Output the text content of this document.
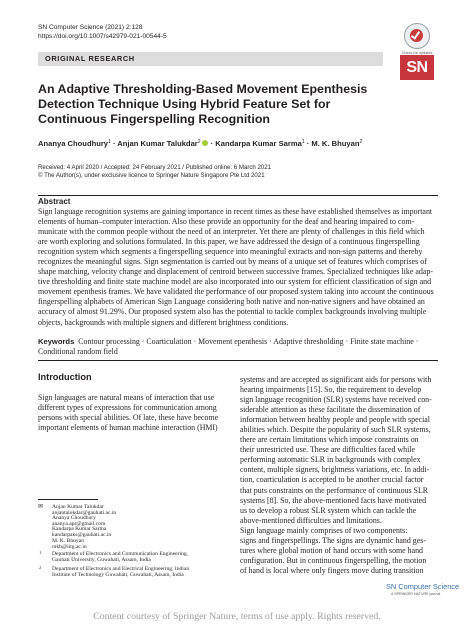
SN Computer Science (2021) 2:128
https://doi.org/10.1007/s42979-021-00544-5
Check for updates
ORIGINAL RESEARCH
SN
An Adaptive Thresholding-Based Movement Epenthesis Detection Technique Using Hybrid Feature Set for Continuous Fingerspelling Recognition
Ananya Choudhury$^1$ · Anjan Kumar Talukdar$^2$ · Kandarpa Kumar Sarma$^1$ · M. K. Bhuyan$^2$
Received: 4 April 2020 / Accepted: 24 February 2021 / Published online: 6 March 2021
© The Author(s), under exclusive licence to Springer Nature Singapore Pte Ltd 2021
Abstract
Sign language recognition systems are gaining importance in recent times as these have established themselves as important
elements of human–computer interaction. Also these provide an opportunity for the deaf and hearing impaired to com-
municate with the common people without the need of an interpreter. Yet there are plenty of challenges in this field which
are worth exploring and solutions formulated. In this paper, we have addressed the design of a continuous fingerspelling
recognition system which segments a fingerspelling sequence into meaningful extracts and non-sign patterns and thereby
recognizes the meaningful signs. Sign segmentation is carried out by means of a unique set of features which comprises of
shape matching, velocity change and displacement of centroid between successive frames. Specialized techniques like adap-
tive thresholding and finite state machine model are also incorporated into our system for efficient classification of sign and
movement epenthesis frames. We have validated the performance of our proposed system taking into account the continuous
fingerspelling alphabets of American Sign Language considering both native and non-native signers and have obtained an
accuracy of almost 91.29%. Our proposed system also has the potential to tackle complex backgrounds involving multiple
objects, backgrounds with multiple signers and different brightness conditions.
Keywords Contour processing · Coarticulation · Movement epenthesis · Adaptive thresholding · Finite state machine ·
Conditional random field
Introduction
Sign languages are natural means of interaction that use
different types of expressions for communication among
persons with special abilities. Of late, these have become
important elements of human machine interaction (HMI)
systems and are accepted as significant aids for persons with
hearing impairments [15]. So, the requirement to develop
sign language recognition (SLR) systems have received con-
siderable attention as these facilitate the dissemination of
information between healthy people and people with special
abilities which. Despite the popularity of such SLR systems,
there are certain limitations which impose constraints on
their unrestricted use. These are difficulties faced while
performing automatic SLR in backgrounds with complex
content, multiple signers, brightness variations, etc. In addi-
tion, coarticulation is accepted to be another crucial factor
that puts constraints on the performance of continuous SLR
systems [8]. So, the above-mentioned facts have motivated
us to develop a robust SLR system which can tackle the
above-mentioned difficulties and limitations.
Sign language mainly comprises of two components:
signs and fingerspellings. The signs are dynamic hand ges-
tures where global motion of hand occurs with some hand
configuration. But in continuous fingerspelling, the motion
of hand is local where only fingers move during transition
✉ Anjan Kumar Talukdar
anjantalukdar@gauhati.ac.in
Ananya Choudhury
ananya.apr@gmail.com
Kandarpa Kumar Sarma
kandarpaks@gauhati.ac.in
M. K. Bhuyan
mkb@iitg.ac.in
SN Computer Science
A SPRINGER NATURE journal
Content courtesy of Springer Nature, terms of use apply. Rights reserved.
1 Department of Electronics and Communication Engineering,
Gauhati University, Guwahati, Assam, India
2 Department of Electronics and Electrical Engineering, Indian
Institute of Technology Guwahati, Guwahati, Assam, India
